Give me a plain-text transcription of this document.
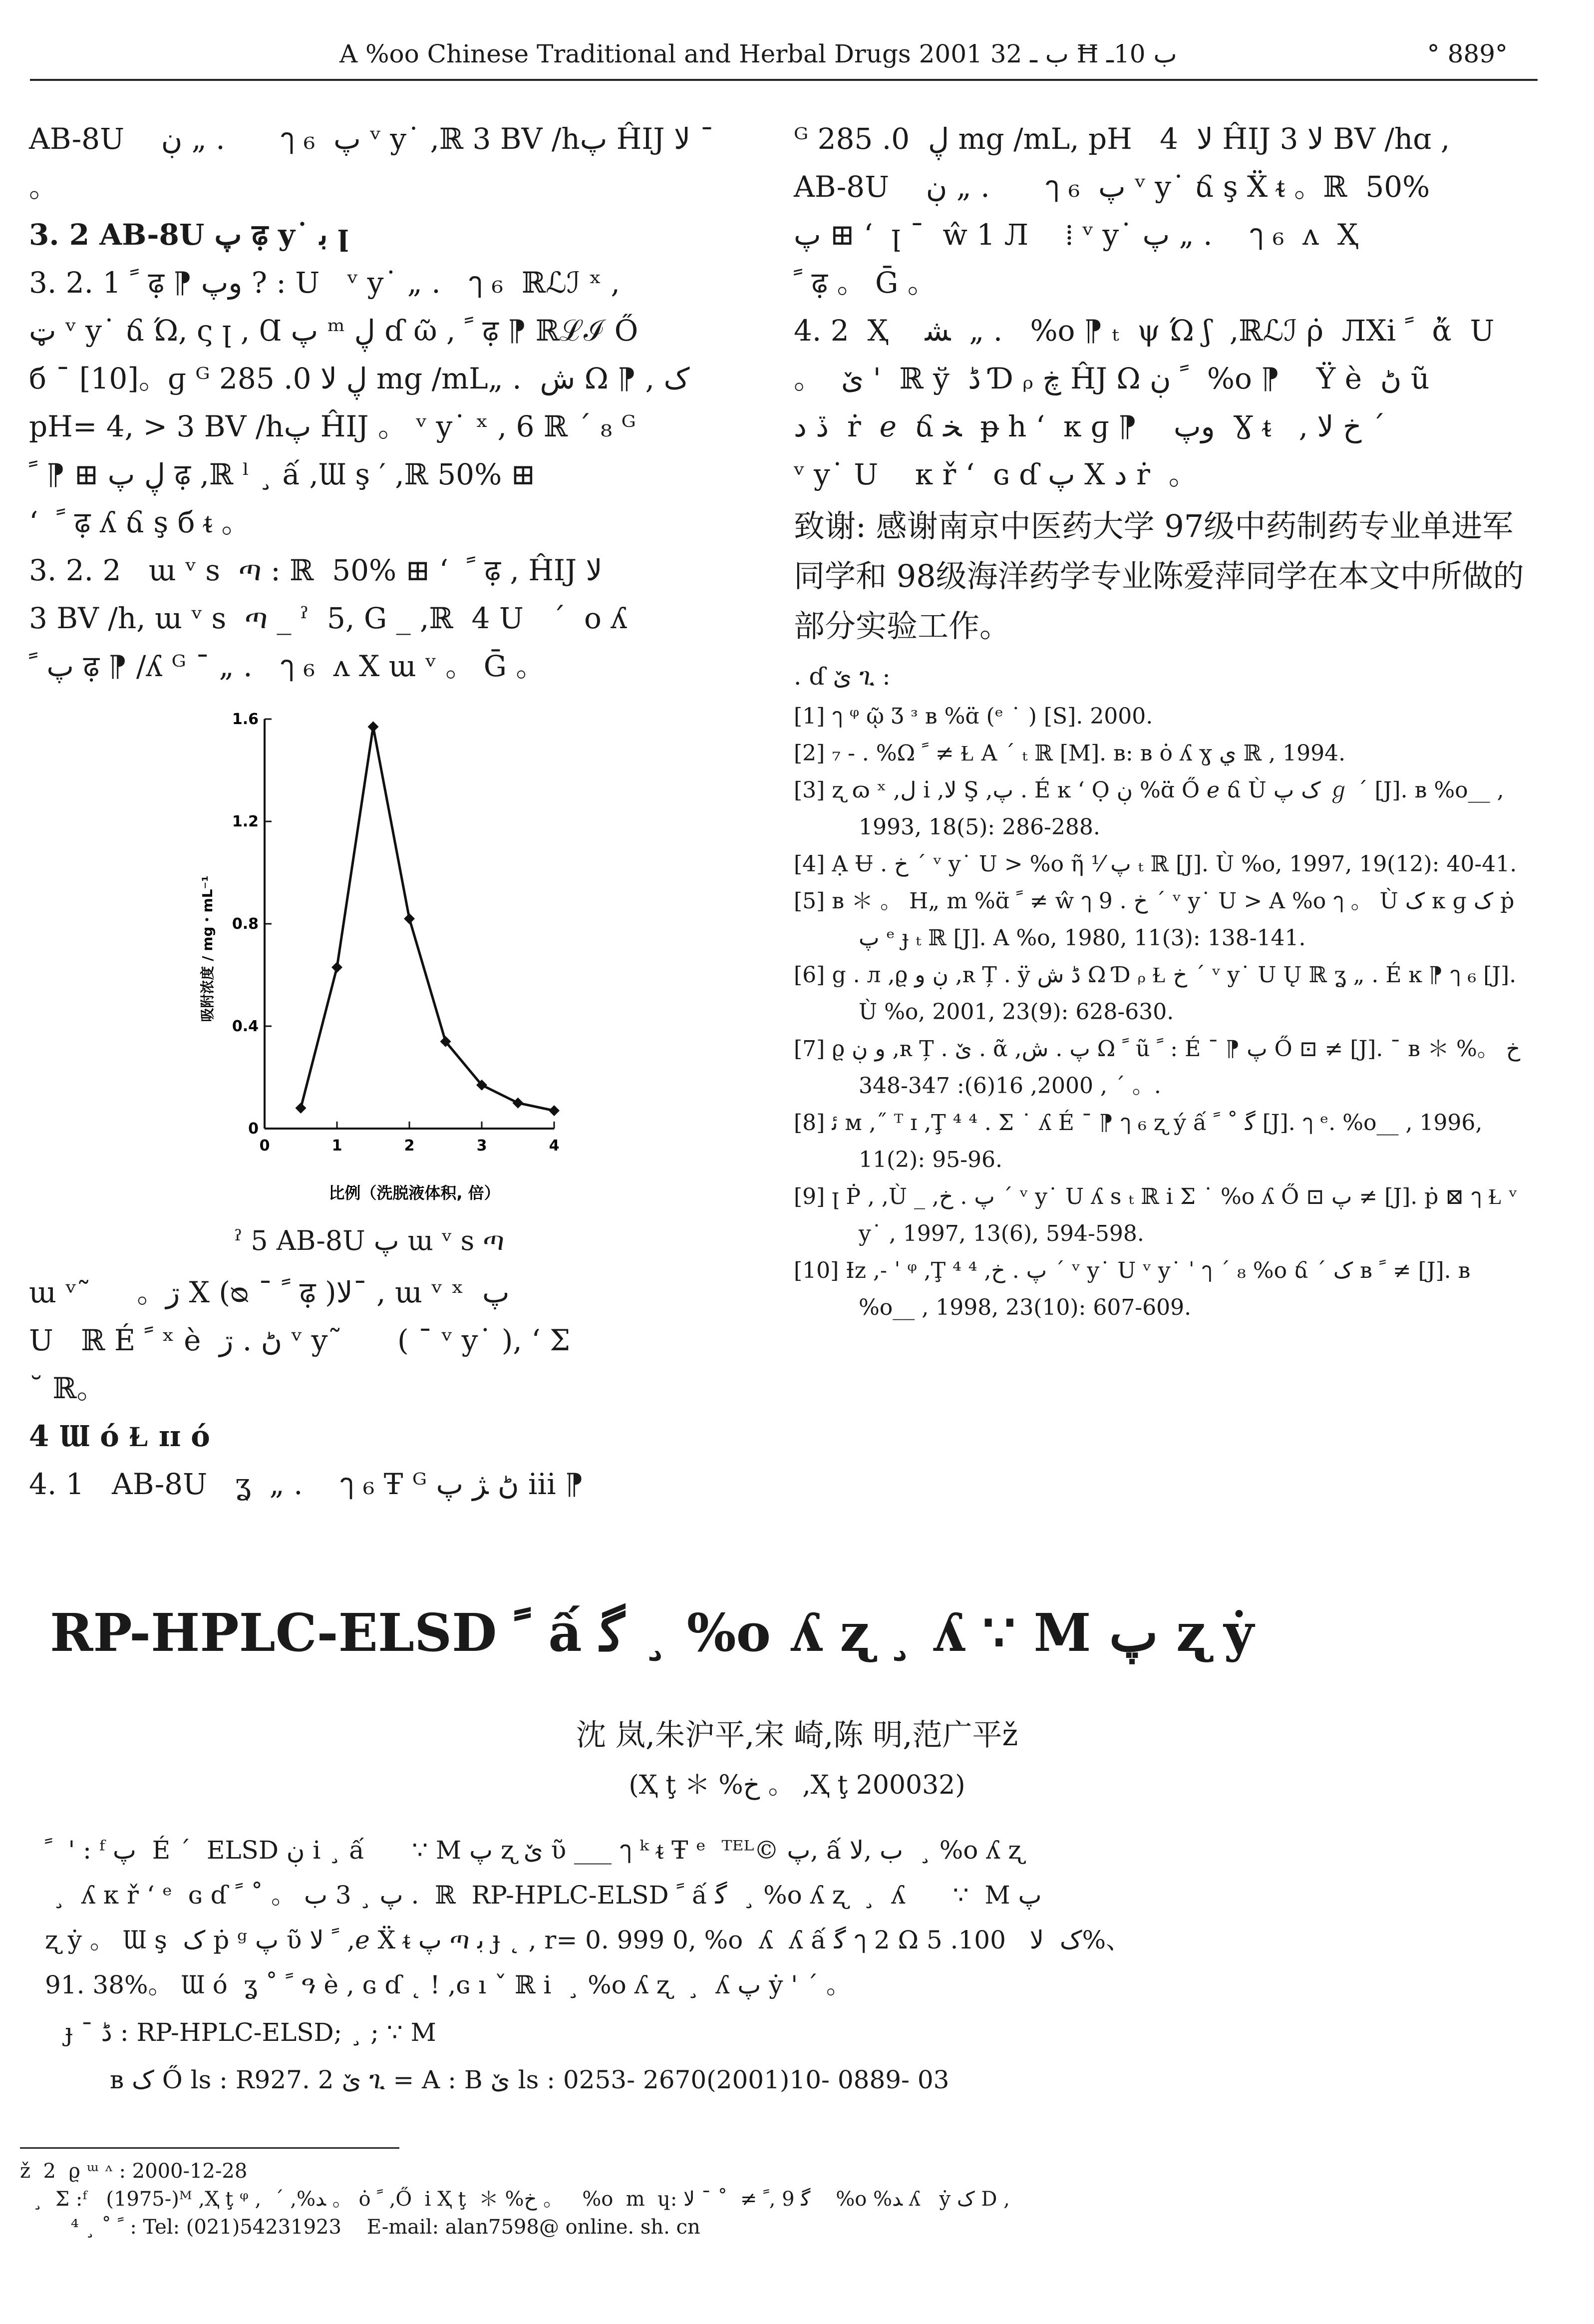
A %oo Chinese Traditional and Herbal Drugs 2001 ب ـ 32 Ħ ب 10ـ	° 889°

AB-8U    ڹ „ .      ๅ ₆  پ ᵛ y˙ ,ℝ 3 BV /hپ ĤIJ ﻻ ¯ 。

3. 2 AB-8U پ ढ़ y˙ ﺑ ꞁ

3. 2. 1 ﹰ ढ़ ⁋ ﻭپ ? : U   ᵛ y˙ „ .   ๅ ₆  ℝℒℐ ˣ ,

ټ ᵛ y˙ ճ Ώ, ς ꞁ , Ɑ پ ᵐ ڸ ɗ ῶ , ﹰ ढ़ ⁋ ℝℒℐ Ő

б ¯ [10]。ɡ ᴳ ڸ ﻻ 0. 285 mg /mL„ .  ش Ω ⁋ , ک

pH= 4, > 3 BV /hپ ĤIJ 。 ᵛ y˙ ˣ , 6 ℝ ´ ₈ ᴳ

ڸ پ ⊞ ⁋ ﹰ ढ़ ,ℝ ˡ ¸ ấ ,Ɯ ş ′ ,ℝ 50% ⊞

ʻ  ﹰ ढ़ ʎ ճ ş б ᵵ 。

3. 2. 2   ɯ ᵛ s  ጣ : ℝ  50% ⊞ ʻ  ﹰ ढ़ , ĤIJ ﻻ

3 BV /h, ɯ ᵛ s  ጣ _ ˀ  5, G _ ,ℝ  4 U   ˊ  ᴏ ʎ

پ ﹰ ढ़ ⁋ /ʎ ᴳ ¯ „ .   ๅ ₆  ʌ X ɯ ᵛ 。 Ḡ 。

吸附浓度 / mg・mL⁻¹
比例（洗脱液体积, 倍）
0
0.4
0.8
1.2
1.6
0	1	2	3	4
ˀ 5 AB-8U پ ɯ ᵛ s ጣ

ɯ ᵛ˜     。ڗ X (ᴓ ¯ ﹰ ढ़ )ﻻ¯ , ɯ ᵛ ˣ  پ

U   ℝ É ﹰ ˣ è  ڻ . ڗ ᵛ y˜      ( ¯ ᵛ y˙ ), ʻ Σ

˘ ℝ。

4 Ɯ ó Ɫ ɪɪ ó

4. 1   AB-8U   ʓ  „ .    ๅ ₆ Ŧ ᴳ ڻ ﮋ پ iii ⁋

ᴳ ڸ  0. 285 mg /mL, pH   ﻻ  4 ĤIJ ﻻ 3 BV /hɑ ,

AB-8U    ڹ „ .      ๅ ₆  پ ᵛ y˙ ճ ş Ẍ ᵵ 。ℝ  50%

پ ⊞ ʻ  ꞁ ¯  ŵ 1 Л    ⁞ ᵛ y˙ پ „ .    ๅ ₆  ʌ  Ҳ

ﹰ ढ़ 。 Ḡ 。

4. 2  Ҳ    ﺸ  „ .   %o ⁋ ₜ  ψ Ώ ʃ  ,ℝℒℐ ρ̇  ЛXi ﹰ  ἄ  U

。  ێ '  ℝ ў  ڈ Ɗ ᵨ ڿ ĤJ Ω ﹰ ڹ  %o ⁋    Ϋ è  ڻ ũ

ڏ ﺩ  ṙ  ℯ  ճ ﺨ  ᵽ h ʻ  κ ɡ ⁋    ﻭپ  Ɣ ᵵ   , ﺥ ﻻ ´

ᵛ y˙ U    κ ř ʻ  ɢ ɗ پ X ﺩ ṙ  。

致谢: 感谢南京中医药大学 97级中药制药专业单进军同学和 98级海洋药学专业陈爱萍同学在本文中所做的部分实验工作。

. ɗ ێ ጊ :

[1] ๅ ᵠ ῷ Ʒ ᵌ ʙ %ɑ̈ (ᵉ ˙ ) [S]. 2000.

[2] ₇ - . %Ω ﹰ ≠ Ɫ A ´ ₜ ℝ [M]. ʙ: ʙ ȯ ʎ ɣ ي ℝ , 1994.

[3] ʐ ɷ ˣ ,ﻝ ı̇ ,ﻻ Ş ,پ . É ĸ ʻ Ọ ڹ %ɑ̈ Ő ℯ ճ Ù ک پ ℊ ´ [J]. ʙ %o__ , 1993, 18(5): 286-288.

[4] Ạ Ʉ . ﺥ ´ ᵛ y˙ U > %o ῆ ⅟ پ ₜ ℝ [J]. Ù %o, 1997, 19(12): 40-41.

[5] ʙ ＊ 。 H„ m %ɑ̈ ﹰ ≠ ŵ ๅ 9 . ﺥ ´ ᵛ y˙ U > A %o ๅ 。 Ù ک κ ɡ ک ṗ پ ᵉ ɟ ₜ ℝ [J]. A %o, 1980, 11(3): 138-141.

[6] ց . л ,ϱ ڹ ﻭ ,ʀ Ț . ÿ ڈ ش Ω Ɗ ᵨ Ɫ ﺥ ´ ᵛ y˙ U Ų ℝ ʓ „ . É ĸ ⁋ ๅ ₆ [J]. Ù %o, 2001, 23(9): 628-630.

[7] ϱ ﻭ ڹ ,ʀ Ț . ێ . ᾶ ,پ . ش Ω ﹰ ũ ﹰ : É ¯ ⁋ پ Ő ⊡ ≠ [J]. ¯ ʙ ＊ %ﺥ 。 。 ´ , 2000, 16(6): 347-348.

[8] ﺋ ᴍ ,˝ ᵀ ɪ ,Ţ ⁴ ⁴ . Σ ˙ ʎ É ¯ ⁋ ๅ ₆ ʐ ý ấ ﮔ ˚ ﹰ [J]. ๅ ᵉ. %o__ , 1996, 11(2): 95-96.

[9] ꞁ Ṗ , ,Ù _ ,پ . ﺥ ´ ᵛ y˙ U ʎ s ₜ ℝ i Σ ˙ %o ʎ Ő ⊡ پ ≠ [J]. ṗ ⊠ ๅ Ɫ ᵛ y˙ , 1997, 13(6), 594-598.

[10] Ɨz ,˗ ˈ ᵠ ,Ţ ⁴ ⁴ ,پ . ﺥ ´ ᵛ y˙ U ᵛ y˙ ˈ ๅ ´ ₈ %o ճ ´ ک ʙ ﹰ ≠ [J]. ʙ %o__ , 1998, 23(10): 607-609.

RP-HPLC-ELSD ﹰ ấ ﮔ ¸ %o ʎ ʐ ¸ ʎ ∵ M پ ʐ ẏ
沈 岚,朱沪平,宋 崎,陈 明,范广平ž
(Ҳ ţ ＊ %ﺥ 。 ,Ҳ ţ 200032)

ﹰ  ' : ᶠ پ  É ´  ELSD ڹ i ¸ ấ      ∵ M پ ʐ ێ ῦ ___ ๅ ᵏ ᵵ Ŧ ᵉ  ᵀᴱᴸ© پ, ấ ب ,ﻻ  ¸ %o ʎ ʐ
¸  ʎ κ ř ʻ ᵉ  ɢ ɗ پ ¸ 3 ﺏ 。 ˚ ﹰ .  ℝ  RP-HPLC-ELSD ﹰ ấ ﮔ  ¸ %o ʎ ʐ  ¸  ʎ      ∵  M پ
ʐ ẏ 。 Ɯ ş  ک ṗ ᵍ پ ῦ ﹰ ﻻ ,ℯ Ẍ ᵵ پ ጣ ﺑ ɟ ˛ , r= 0. 999 0, %o  ʎ  ʎ ấ ﮔ ๅ 2 Ω ک  ﻻ   100. 5%、
91. 38%。 Ɯ ó  ʓ ˚ ﹰ ዓ è , ɢ ɗ ˛ ! ,ɢ ı ˇ ℝ i  ¸ %o ʎ ʐ  ¸  ʎ پ ẏ ' ´ 。

ɟ ¯ ڈ : RP-HPLC-ELSD; ¸ ; ∵ M
ʙ ک Ő ls : R927. 2 ێ ጊ = A : B ێ ls : 0253- 2670(2001)10- 0889- 03

ž  2  ϱ ᵚ ᶺ : 2000-12-28
¸  Ʃ :ᶠ   (1975-)ᴹ ,Ҳ ţ ᵠ ,  ´ ,%ﺪ 。 ȯ ﹰ ,Ő  i Ҳ ţ  ＊ %ﺥ 。   %o  m  ɥ: ﮔ 9 ,ﹰ ≠  ˚ ¯ ﻻ    %o %ﺪ ʎ   ẏ ک D ,
⁴ ¸ ˚ ﹰ : Tel: (021)54231923    E-mail: alan7598@ online. sh. cn
